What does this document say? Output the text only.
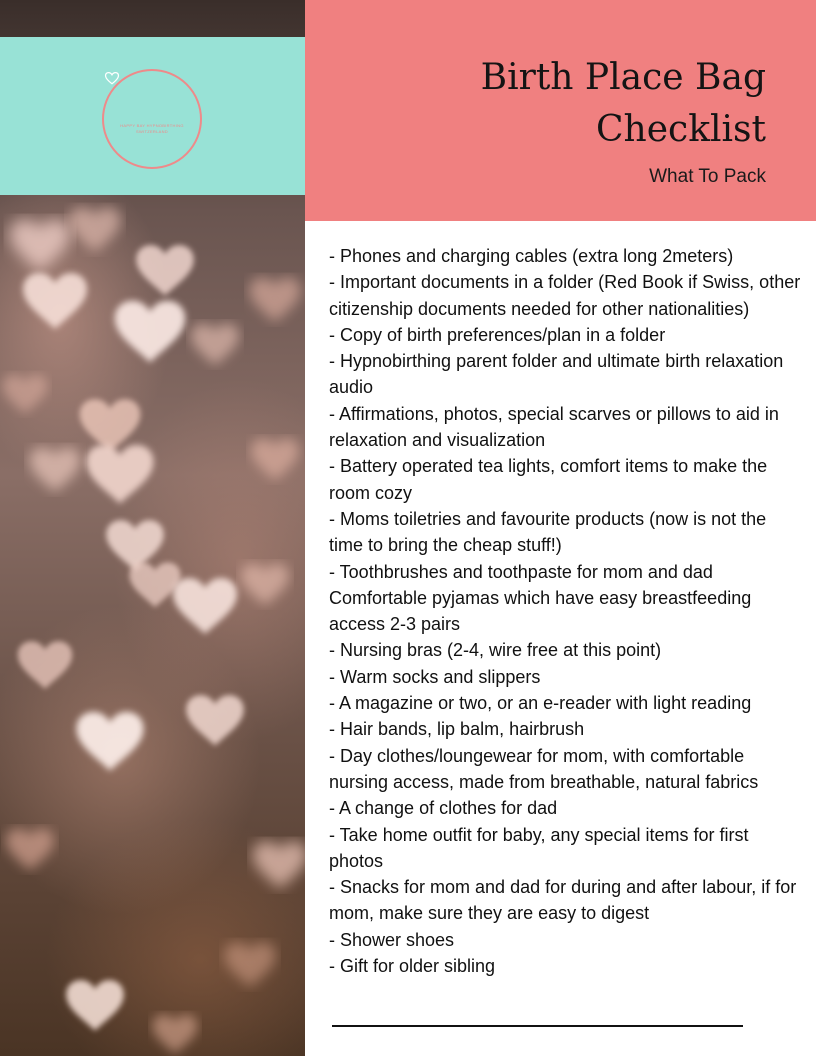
HAPPY BAY HYPNOBIRTHING
SWITZERLAND
Birth Place Bag
Checklist
What To Pack
- Phones and charging cables (extra long 2meters)
- Important documents in a folder (Red Book if Swiss, other citizenship documents needed for other nationalities)
- Copy of birth preferences/plan in a folder
- Hypnobirthing parent folder and ultimate birth relaxation audio
- Affirmations, photos, special scarves or pillows to aid in relaxation and visualization
- Battery operated tea lights, comfort items to make the room cozy
- Moms toiletries and favourite products (now is not the time to bring the cheap stuff!)
- Toothbrushes and toothpaste for mom and dad
Comfortable pyjamas which have easy breastfeeding access 2-3 pairs
- Nursing bras (2-4, wire free at this point)
- Warm socks and slippers
- A magazine or two, or an e-reader with light reading
- Hair bands, lip balm, hairbrush
- Day clothes/loungewear for mom, with comfortable nursing access, made from breathable, natural fabrics
- A change of clothes for dad
- Take home outfit for baby, any special items for first photos
- Snacks for mom and dad for during and after labour, if for mom, make sure they are easy to digest
- Shower shoes
- Gift for older sibling
